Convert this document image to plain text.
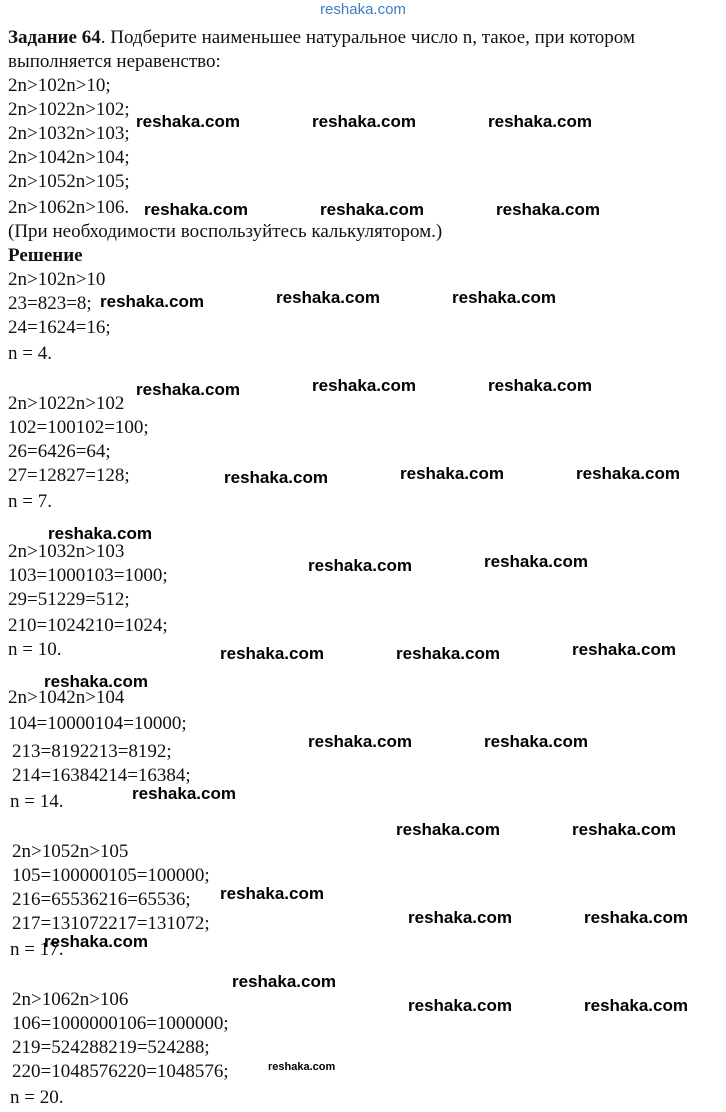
reshaka.com
Задание 64. Подберите наименьшее натуральное число n, такое, при котором
выполняется неравенство:
2n>102n>10;
2n>1022n>102;
2n>1032n>103;
2n>1042n>104;
2n>1052n>105;
2n>1062n>106.
(При необходимости воспользуйтесь калькулятором.)
Решение
2n>102n>10
23=823=8;
24=1624=16;
n = 4.
2n>1022n>102
102=100102=100;
26=6426=64;
27=12827=128;
n = 7.
2n>1032n>103
103=1000103=1000;
29=51229=512;
210=1024210=1024;
n = 10.
2n>1042n>104
104=10000104=10000;
213=8192213=8192;
214=16384214=16384;
n = 14.
2n>1052n>105
105=100000105=100000;
216=65536216=65536;
217=131072217=131072;
n = 17.
2n>1062n>106
106=1000000106=1000000;
219=524288219=524288;
220=1048576220=1048576;
n = 20.
reshaka.com	reshaka.com	reshaka.com
reshaka.com	reshaka.com	reshaka.com
reshaka.com	reshaka.com	reshaka.com
reshaka.com	reshaka.com	reshaka.com
reshaka.com	reshaka.com	reshaka.com
reshaka.com
reshaka.com	reshaka.com
reshaka.com	reshaka.com	reshaka.com
reshaka.com
reshaka.com	reshaka.com
reshaka.com
reshaka.com	reshaka.com
reshaka.com
reshaka.com	reshaka.com
reshaka.com
reshaka.com
reshaka.com	reshaka.com
reshaka.com
